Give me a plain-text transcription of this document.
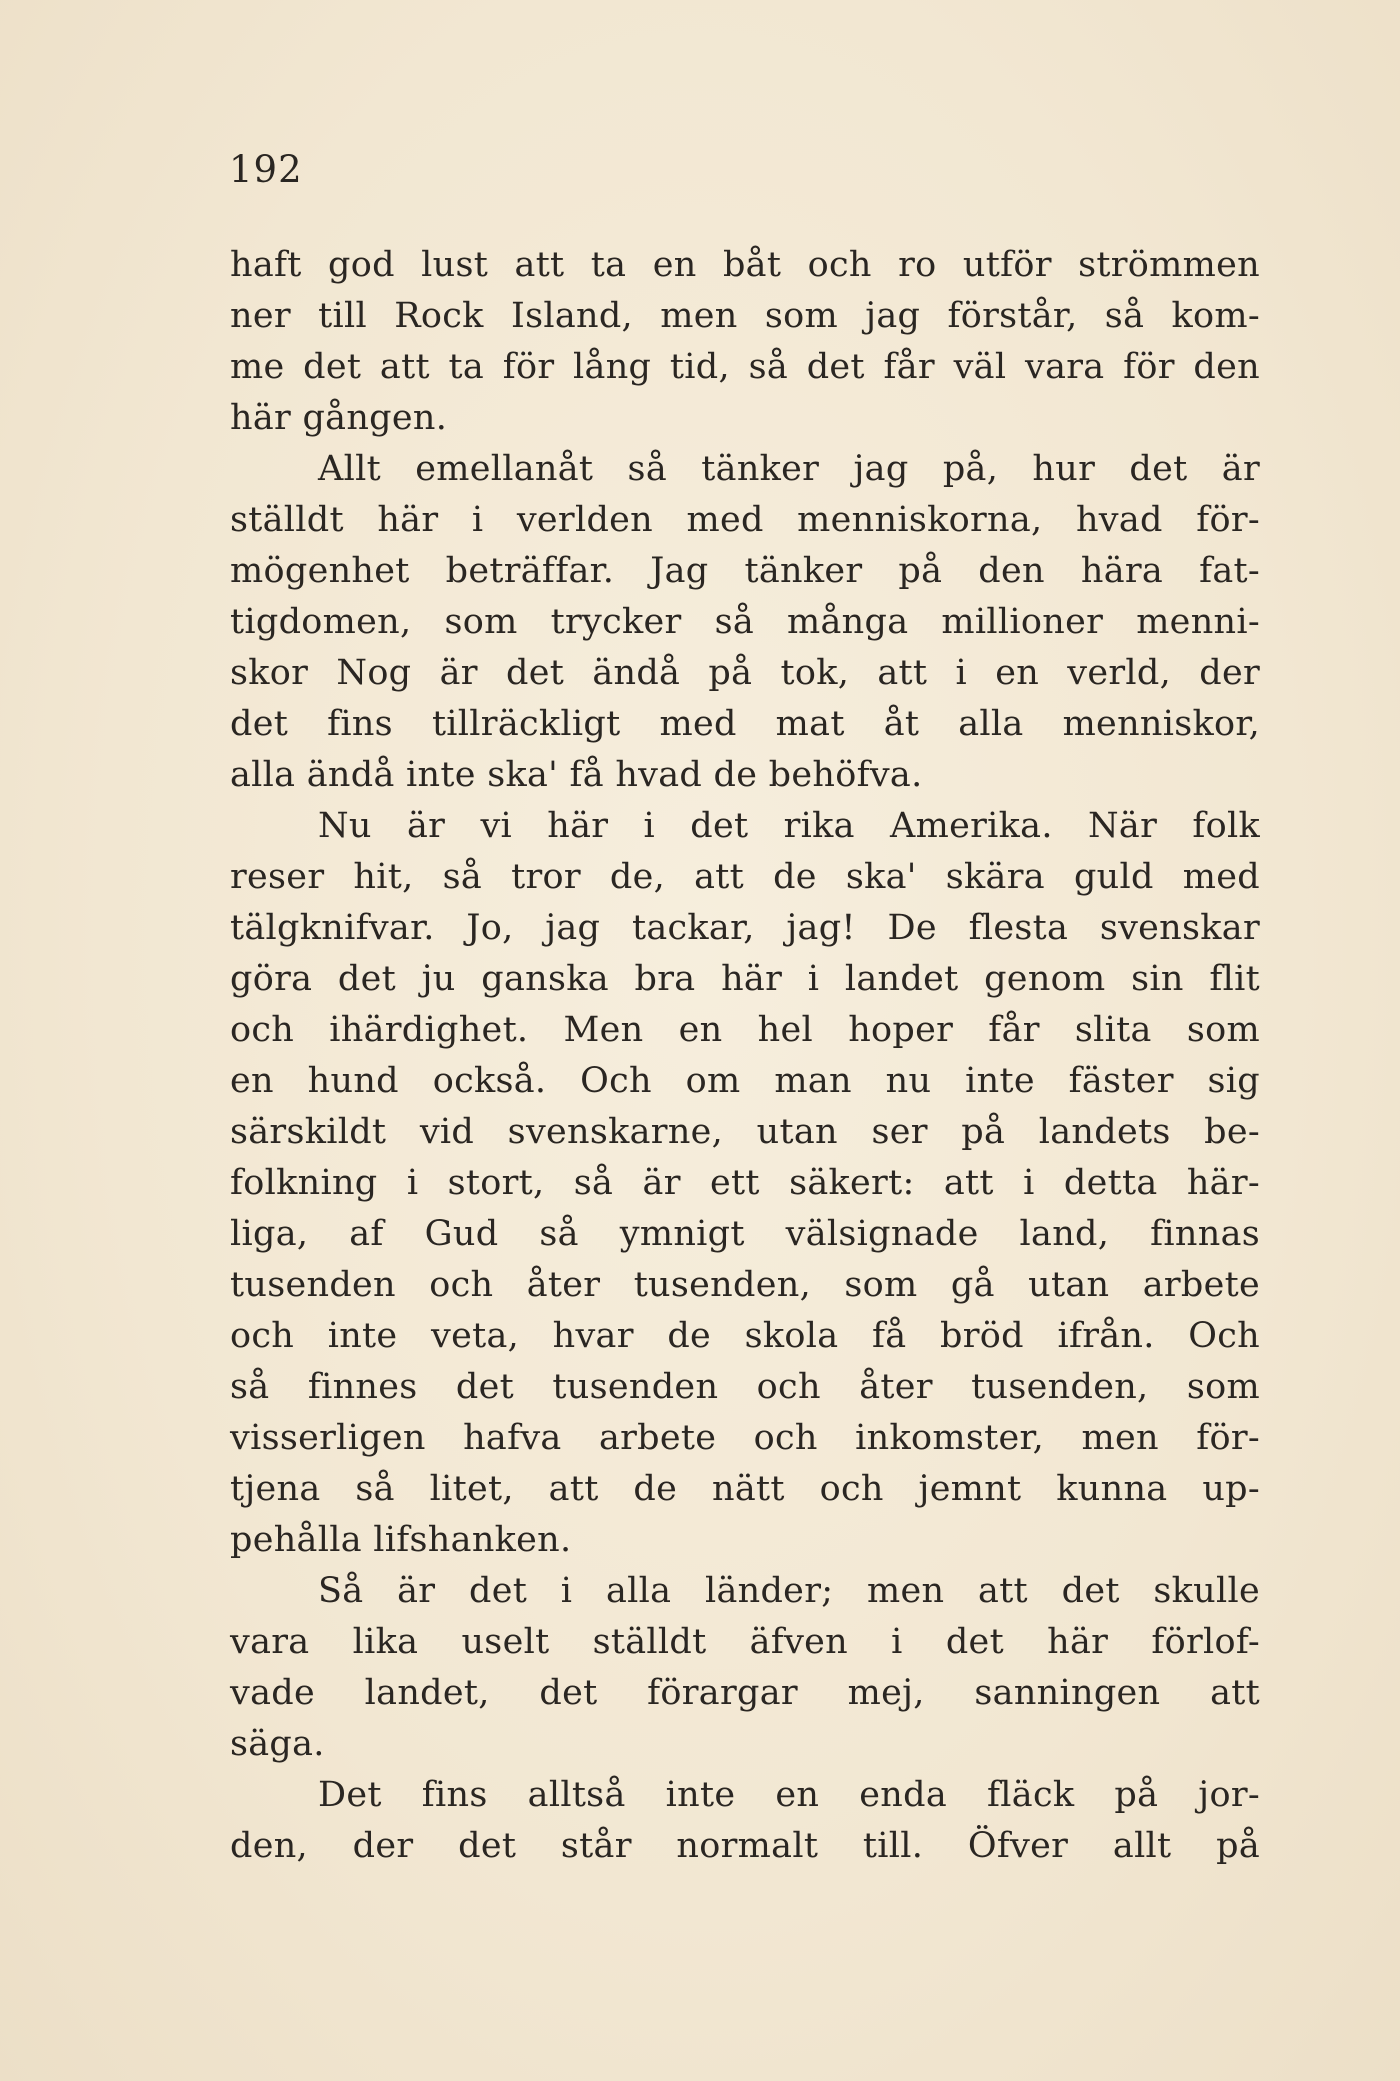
192
haft god lust att ta en båt och ro utför strömmen
ner till Rock Island, men som jag förstår, så kom-
me det att ta för lång tid, så det får väl vara för den
här gången.
Allt emellanåt så tänker jag på, hur det är
ställdt här i verlden med menniskorna, hvad för-
mögenhet beträffar. Jag tänker på den hära fat-
tigdomen, som trycker så många millioner menni-
skor Nog är det ändå på tok, att i en verld, der
det fins tillräckligt med mat åt alla menniskor,
alla ändå inte ska' få hvad de behöfva.
Nu är vi här i det rika Amerika. När folk
reser hit, så tror de, att de ska' skära guld med
tälgknifvar. Jo, jag tackar, jag! De flesta svenskar
göra det ju ganska bra här i landet genom sin flit
och ihärdighet. Men en hel hoper får slita som
en hund också. Och om man nu inte fäster sig
särskildt vid svenskarne, utan ser på landets be-
folkning i stort, så är ett säkert: att i detta här-
liga, af Gud så ymnigt välsignade land, finnas
tusenden och åter tusenden, som gå utan arbete
och inte veta, hvar de skola få bröd ifrån. Och
så finnes det tusenden och åter tusenden, som
visserligen hafva arbete och inkomster, men för-
tjena så litet, att de nätt och jemnt kunna up-
pehålla lifshanken.
Så är det i alla länder; men att det skulle
vara lika uselt ställdt äfven i det här förlof-
vade landet, det förargar mej, sanningen att
säga.
Det fins alltså inte en enda fläck på jor-
den, der det står normalt till. Öfver allt på
